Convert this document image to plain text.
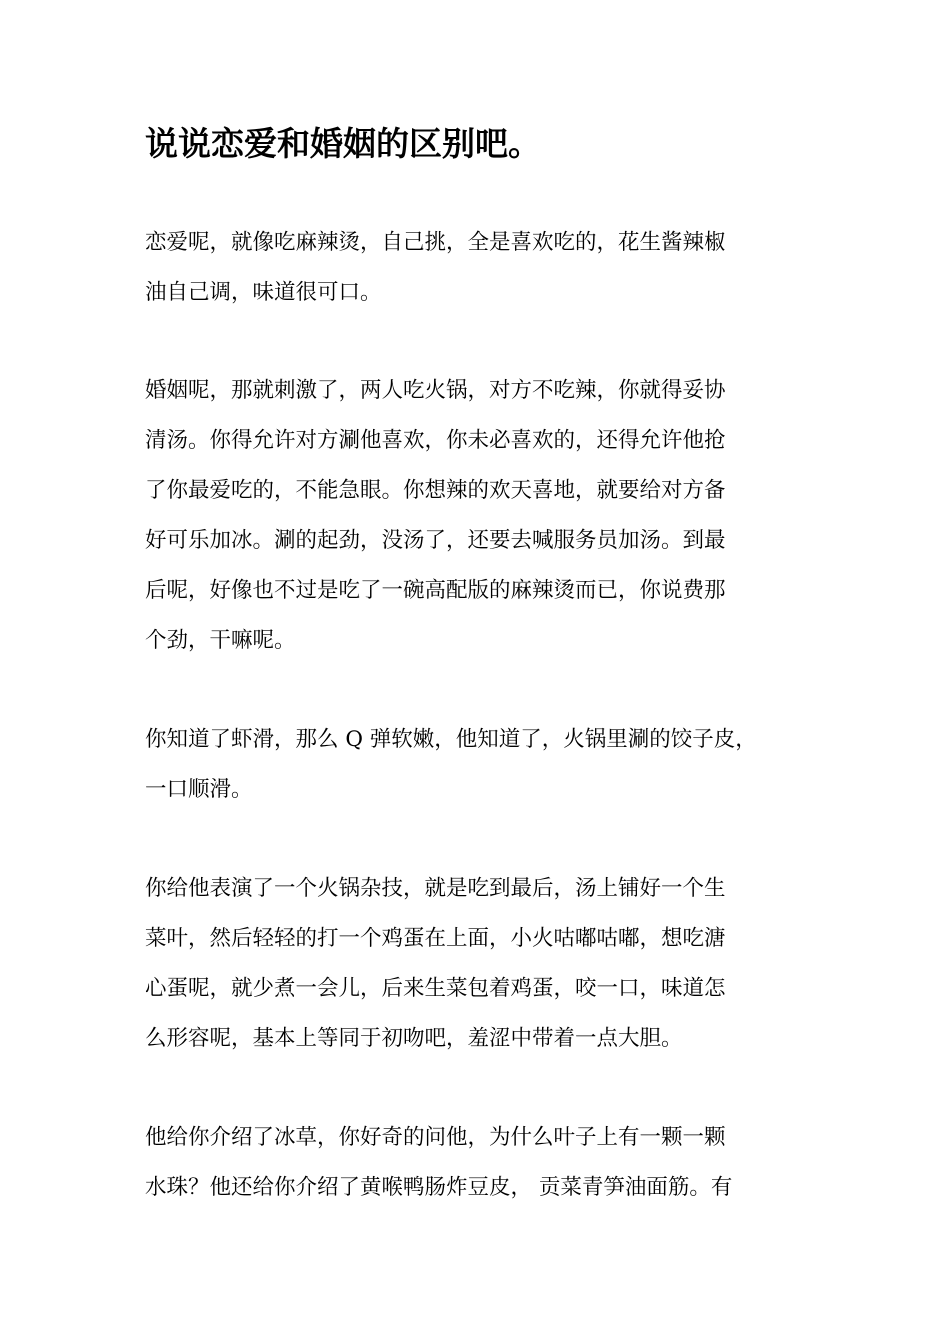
说说恋爱和婚姻的区别吧。
恋爱呢，就像吃麻辣烫，自己挑，全是喜欢吃的，花生酱辣椒
油自己调，味道很可口。
婚姻呢，那就刺激了，两人吃火锅，对方不吃辣，你就得妥协
清汤。你得允许对方涮他喜欢，你未必喜欢的，还得允许他抢
了你最爱吃的，不能急眼。你想辣的欢天喜地，就要给对方备
好可乐加冰。涮的起劲，没汤了，还要去喊服务员加汤。到最
后呢，好像也不过是吃了一碗高配版的麻辣烫而已，你说费那
个劲，干嘛呢。
你知道了虾滑，那么 Q 弹软嫩，他知道了，火锅里涮的饺子皮，
一口顺滑。
你给他表演了一个火锅杂技，就是吃到最后，汤上铺好一个生
菜叶，然后轻轻的打一个鸡蛋在上面，小火咕嘟咕嘟，想吃溏
心蛋呢，就少煮一会儿，后来生菜包着鸡蛋，咬一口，味道怎
么形容呢，基本上等同于初吻吧，羞涩中带着一点大胆。
他给你介绍了冰草，你好奇的问他，为什么叶子上有一颗一颗
水珠？他还给你介绍了黄喉鸭肠炸豆皮， 贡菜青笋油面筋。有
